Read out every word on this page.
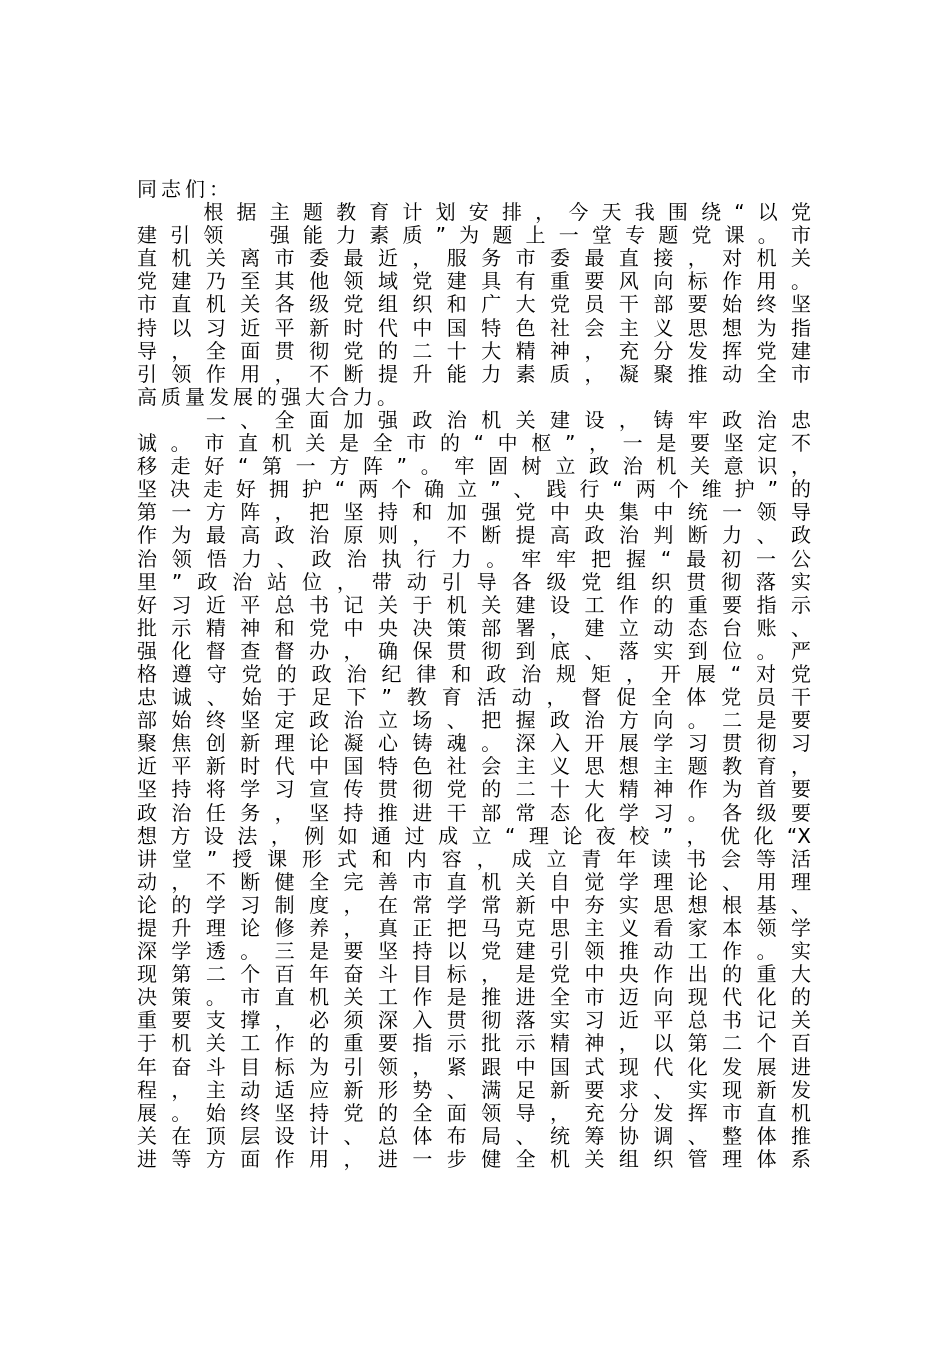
同志们：
　　根据主题教育计划安排，今天我围绕“以党
建引领　强能力素质”为题上一堂专题党课。市
直机关离市委最近，服务市委最直接，对机关
党建乃至其他领域党建具有重要风向标作用。
市直机关各级党组织和广大党员干部要始终坚
持以习近平新时代中国特色社会主义思想为指
导，全面贯彻党的二十大精神，充分发挥党建
引领作用，不断提升能力素质，凝聚推动全市
高质量发展的强大合力。
　　一、全面加强政治机关建设，铸牢政治忠
诚。市直机关是全市的“中枢”，一是要坚定不
移走好“第一方阵”。牢固树立政治机关意识，
坚决走好拥护“两个确立”、践行“两个维护”的
第一方阵，把坚持和加强党中央集中统一领导
作为最高政治原则，不断提高政治判断力、政
治领悟力、政治执行力。牢牢把握“最初一公
里”政治站位，带动引导各级党组织贯彻落实
好习近平总书记关于机关建设工作的重要指示
批示精神和党中央决策部署，建立动态台账、
强化督查督办，确保贯彻到底、落实到位。严
格遵守党的政治纪律和政治规矩，开展“对党
忠诚、始于足下”教育活动，督促全体党员干
部始终坚定政治立场、把握政治方向。二是要
聚焦创新理论凝心铸魂。深入开展学习贯彻习
近平新时代中国特色社会主义思想主题教育，
坚持将学习宣传贯彻党的二十大精神作为首要
政治任务，坚持推进干部常态化学习。各级要
想方设法，例如通过成立“理论夜校”，优化“X
讲堂”授课形式和内容，成立青年读书会等活
动，不断健全完善市直机关自觉学理论、用理
论的学习制度，在常学常新中夯实思想根基、
提升理论修养，真正把马克思主义看家本领学
深学透。三是要坚持以党建引领推动工作。实
现第二个百年奋斗目标，是党中央作出的重大
决策。市直机关工作是推进全市迈向现代化的
重要支撑，必须深入贯彻落实习近平总书记关
于机关工作的重要指示批示精神，以第二个百
年奋斗目标为引领，紧跟中国式现代化发展进
程，主动适应新形势、满足新要求、实现新发
展。始终坚持党的全面领导，充分发挥市直机
关在顶层设计、总体布局、统筹协调、整体推
进等方面作用，进一步健全机关组织管理体系
